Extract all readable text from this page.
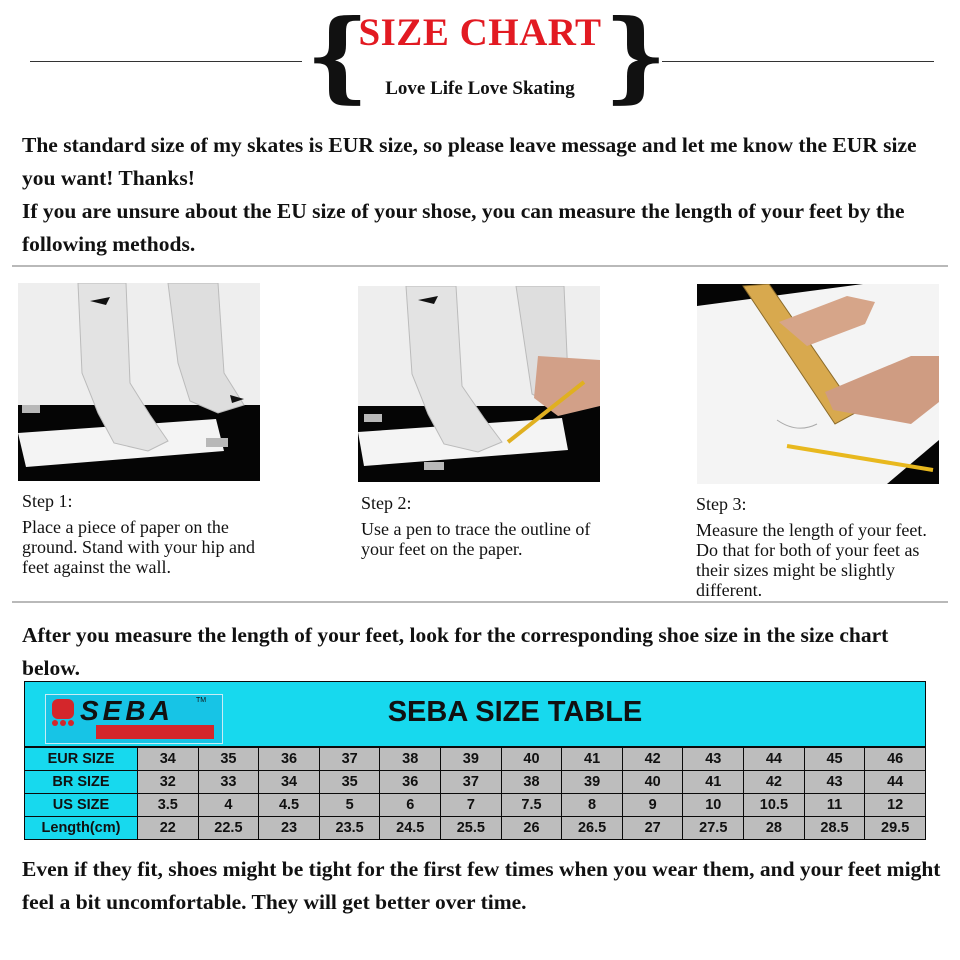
{ }
SIZE CHART
Love Life Love Skating

The standard size of my skates is EUR size, so please leave message and let me know the EUR size you want! Thanks!

If you are unsure about the EU size of your shose, you can measure the length of your feet by the following methods.

Step 1:
Place a piece of paper on the ground. Stand with your hip and feet against the wall.
Step 2:
Use a pen to trace the outline of your feet on the paper.
Step 3:
Measure the length of your feet. Do that for both of your feet as their sizes might be slightly different.
After you measure the length of your feet, look for the corresponding shoe size in the size chart below.
SEBA	TM	SEBA SIZE TABLE
EUR SIZE	34	35	36	37	38	39	40	41	42	43	44	45	46
BR SIZE	32	33	34	35	36	37	38	39	40	41	42	43	44
US SIZE	3.5	4	4.5	5	6	7	7.5	8	9	10	10.5	11	12
Length(cm)	22	22.5	23	23.5	24.5	25.5	26	26.5	27	27.5	28	28.5	29.5
Even if they fit, shoes might be tight for the first few times when you wear them, and your feet might feel a bit uncomfortable. They will get better over time.
